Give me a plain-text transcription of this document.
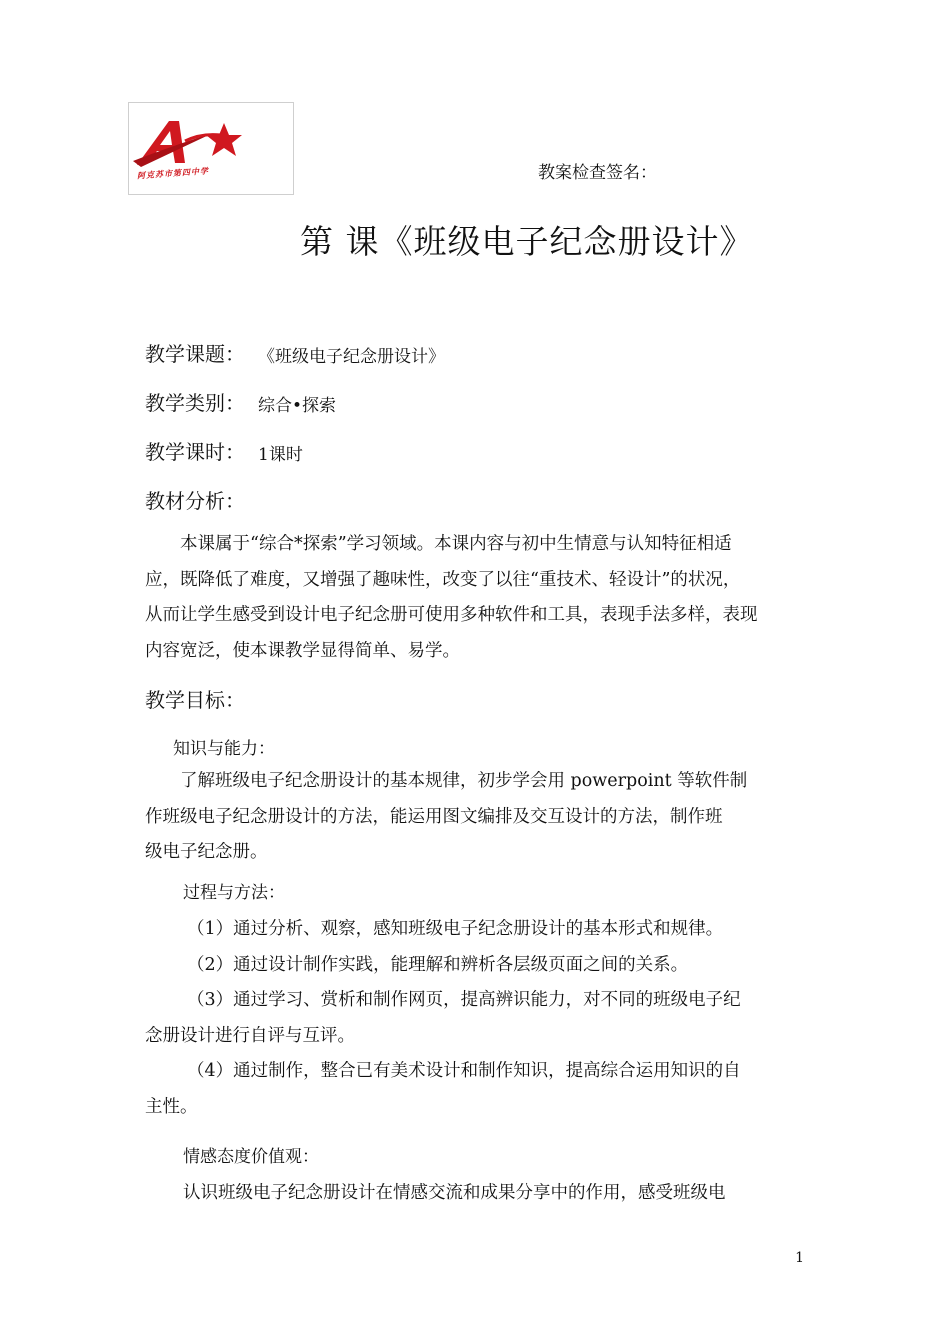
阿克苏市第四中学	教案检查签名：
第 课《班级电子纪念册设计》
教学课题： 《班级电子纪念册设计》
教学类别： 综合•探索
教学课时： 1课时
教材分析：
本课属于“综合*探索”学习领域。本课内容与初中生情意与认知特征相适
应，既降低了难度，又增强了趣味性，改变了以往“重技术、轻设计”的状况，
从而让学生感受到设计电子纪念册可使用多种软件和工具，表现手法多样，表现
内容宽泛，使本课教学显得简单、易学。
教学目标：
知识与能力：
了解班级电子纪念册设计的基本规律，初步学会用 powerpoint 等软件制
作班级电子纪念册设计的方法，能运用图文编排及交互设计的方法，制作班
级电子纪念册。
过程与方法：
（1）通过分析、观察，感知班级电子纪念册设计的基本形式和规律。
（2）通过设计制作实践，能理解和辨析各层级页面之间的关系。
（3）通过学习、赏析和制作网页，提高辨识能力，对不同的班级电子纪
念册设计进行自评与互评。
（4）通过制作，整合已有美术设计和制作知识，提高综合运用知识的自
主性。
情感态度价值观：
认识班级电子纪念册设计在情感交流和成果分享中的作用，感受班级电
1
